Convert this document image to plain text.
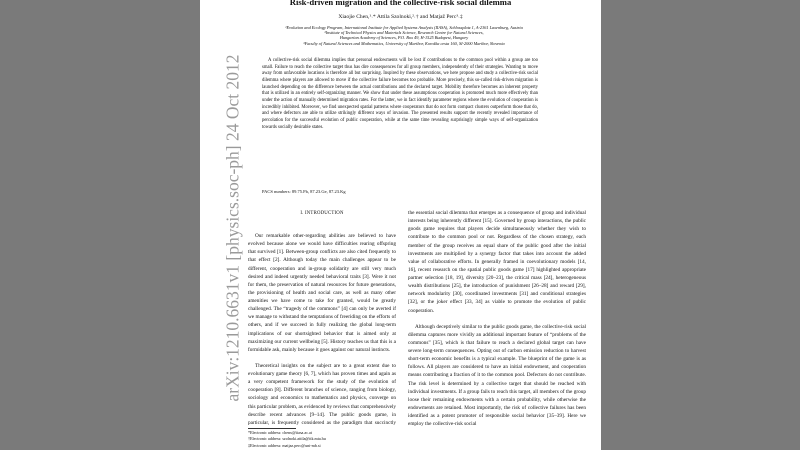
arXiv:1210.6631v1 [physics.soc-ph] 24 Oct 2012
Risk-driven migration and the collective-risk social dilemma
Xiaojie Chen,¹˒* Attila Szolnoki,²˒† and Matjaž Perc³˒‡
¹Evolution and Ecology Program, International Institute for Applied Systems Analysis (IIASA), Schlossplatz 1, A-2361 Laxenburg, Austria
²Institute of Technical Physics and Materials Science, Research Centre for Natural Sciences,
Hungarian Academy of Sciences, P.O. Box 49, H-1525 Budapest, Hungary
³Faculty of Natural Sciences and Mathematics, University of Maribor, Koroška cesta 160, SI-2000 Maribor, Slovenia

A collective-risk social dilemma implies that personal endowments will be lost if contributions to the common pool within a group are too small. Failure to reach the collective target thus has dire consequences for all group members, independently of their strategies. Wanting to move away from unfavorable locations is therefore all but surprising. Inspired by these observations, we here propose and study a collective-risk social dilemma where players are allowed to move if the collective failure becomes too probable. More precisely, this so-called risk-driven migration is launched depending on the difference between the actual contributions and the declared target. Mobility therefore becomes an inherent property that is utilized in an entirely self-organizing manner. We show that under these assumptions cooperation is promoted much more effectively than under the action of manually determined migration rates. For the latter, we in fact identify parameter regions where the evolution of cooperation is incredibly inhibited. Moreover, we find unexpected spatial patterns where cooperators that do not form compact clusters outperform those that do, and where defectors are able to utilize strikingly different ways of invasion. The presented results support the recently revealed importance of percolation for the successful evolution of public cooperation, while at the same time revealing surprisingly simple ways of self-organization towards socially desirable states.

PACS numbers: 89.75.Fb, 87.23.Ge, 87.23.Kg
I. INTRODUCTION

Our remarkable other-regarding abilities are believed to have evolved because alone we would have difficulties rearing offspring that survived [1]. Between-group conflicts are also cited frequently to that effect [2]. Although today the main challenges appear to be different, cooperation and in-group solidarity are still very much desired and indeed urgently needed behavioral traits [3]. Were it not for them, the preservation of natural resources for future generations, the provisioning of health and social care, as well as many other amenities we have come to take for granted, would be greatly challenged. The “tragedy of the commons” [4] can only be averted if we manage to withstand the temptations of freeriding on the efforts of others, and if we succeed in fully realizing the global long-term implications of our shortsighted behavior that is aimed only at maximizing our current wellbeing [5]. History teaches us that this is a formidable ask, mainly because it goes against our natural instincts.

Theoretical insights on the subject are to a great extent due to evolutionary game theory [6, 7], which has proven times and again as a very competent framework for the study of the evolution of cooperation [8]. Different branches of science, ranging from biology, sociology and economics to mathematics and physics, converge on this particular problem, as evidenced by reviews that comprehensively describe recent advances [9–14]. The public goods game, in particular, is frequently considered as the paradigm that succinctly

the essential social dilemma that emerges as a consequence of group and individual interests being inherently different [15]. Governed by group interactions, the public goods game requires that players decide simultaneously whether they wish to contribute to the common pool or not. Regardless of the chosen strategy, each member of the group receives an equal share of the public good after the initial investments are multiplied by a synergy factor that takes into account the added value of collaborative efforts. In generally framed in coevolutionary models [14, 16], recent research on the spatial public goods game [17] highlighted appropriate partner selection [18, 19], diversity [20–23], the critical mass [24], heterogeneous wealth distributions [25], the introduction of punishment [26–28] and reward [29], network modularity [30], coordinated investments [31] and conditional strategies [32], or the joker effect [33, 34] as viable to promote the evolution of public cooperation.

Although deceptively similar to the public goods game, the collective-risk social dilemma captures more vividly an additional important feature of “problems of the commons” [35], which is that failure to reach a declared global target can have severe long-term consequences. Opting out of carbon emission reduction to harvest short-term economic benefits is a typical example. The blueprint of the game is as follows. All players are considered to have an initial endowment, and cooperation means contributing a fraction of it to the common pool. Defectors do not contribute. The risk level is determined by a collective target that should be reached with individual investments. If a group fails to reach this target, all members of the group loose their remaining endowments with a certain probability, while otherwise the endowments are retained. Most importantly, the risk of collective failures has been identified as a potent promoter of responsible social behavior [35–39]. Here we employ the collective-risk social

*Electronic address: chenx@iiasa.ac.at
†Electronic address: szolnoki.attila@ttk.mta.hu
‡Electronic address: matjaz.perc@uni-mb.si
